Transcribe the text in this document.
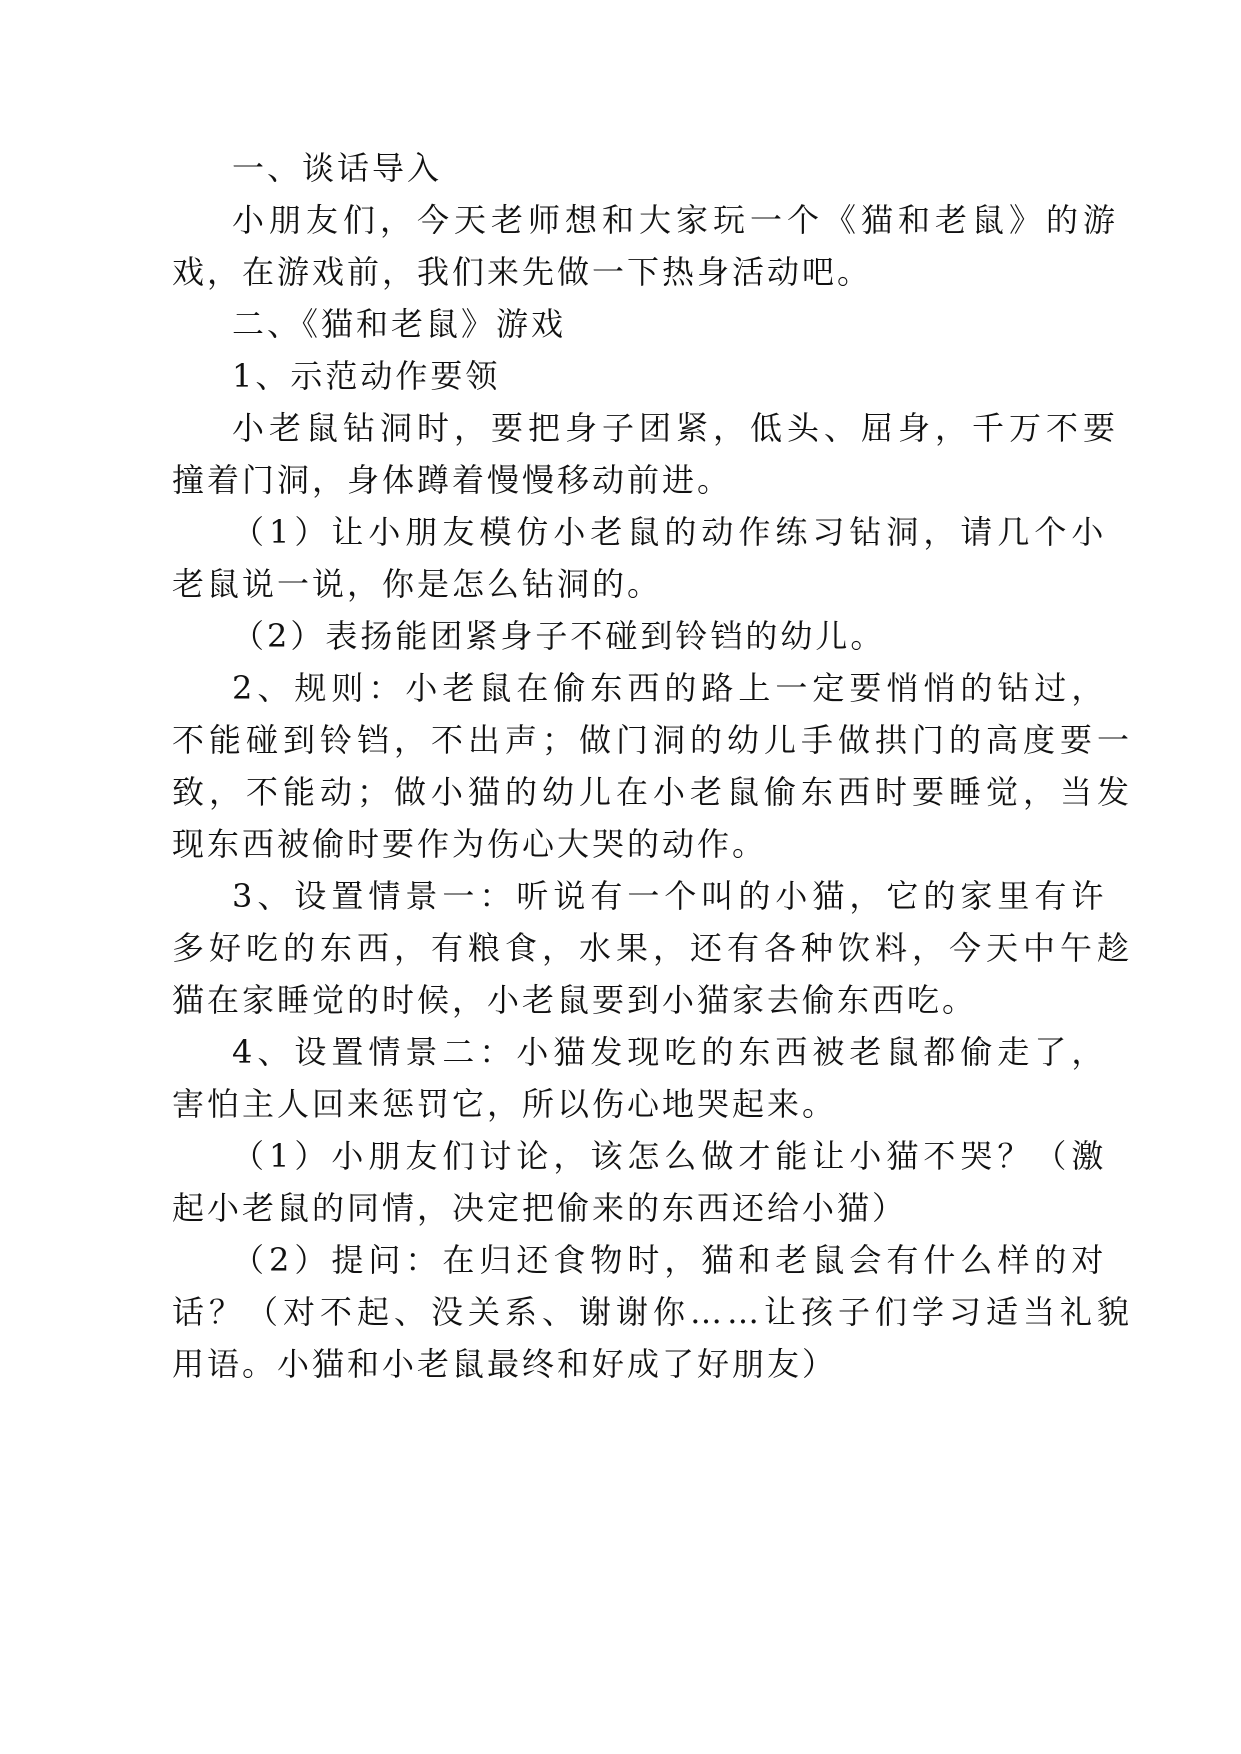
一、谈话导入
小朋友们，今天老师想和大家玩一个《猫和老鼠》的游
戏，在游戏前，我们来先做一下热身活动吧。
二、《猫和老鼠》游戏
1、示范动作要领
小老鼠钻洞时，要把身子团紧，低头、屈身，千万不要
撞着门洞，身体蹲着慢慢移动前进。
（1）让小朋友模仿小老鼠的动作练习钻洞，请几个小
老鼠说一说，你是怎么钻洞的。
（2）表扬能团紧身子不碰到铃铛的幼儿。
2、规则：小老鼠在偷东西的路上一定要悄悄的钻过，
不能碰到铃铛，不出声；做门洞的幼儿手做拱门的高度要一
致，不能动；做小猫的幼儿在小老鼠偷东西时要睡觉，当发
现东西被偷时要作为伤心大哭的动作。
3、设置情景一：听说有一个叫的小猫，它的家里有许
多好吃的东西，有粮食，水果，还有各种饮料，今天中午趁
猫在家睡觉的时候，小老鼠要到小猫家去偷东西吃。
4、设置情景二：小猫发现吃的东西被老鼠都偷走了，
害怕主人回来惩罚它，所以伤心地哭起来。
（1）小朋友们讨论，该怎么做才能让小猫不哭？（激
起小老鼠的同情，决定把偷来的东西还给小猫）
（2）提问：在归还食物时，猫和老鼠会有什么样的对
话？（对不起、没关系、谢谢你……让孩子们学习适当礼貌
用语。小猫和小老鼠最终和好成了好朋友）
